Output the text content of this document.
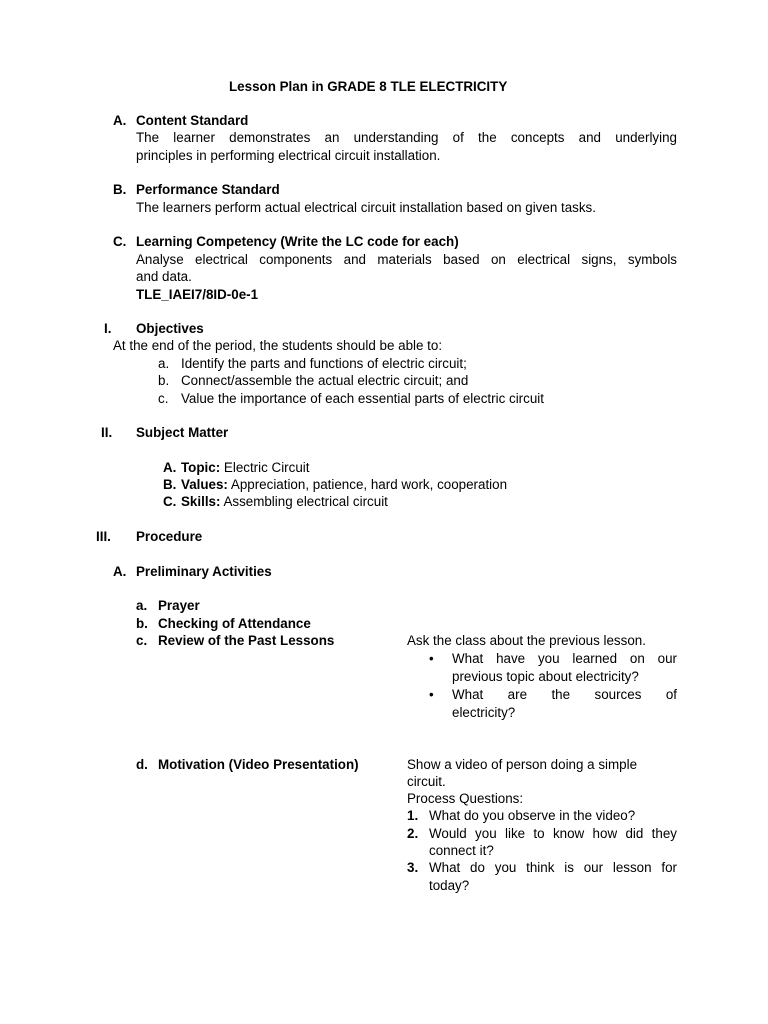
Lesson Plan in GRADE 8 TLE ELECTRICITY
A. Content Standard
The learner demonstrates an understanding of the concepts and underlying
principles in performing electrical circuit installation.
B. Performance Standard
The learners perform actual electrical circuit installation based on given tasks.
C. Learning Competency (Write the LC code for each)
Analyse electrical components and materials based on electrical signs, symbols
and data.
TLE_IAEI7/8ID-0e-1
I. Objectives
At the end of the period, the students should be able to:
a. Identify the parts and functions of electric circuit;
b. Connect/assemble the actual electric circuit; and
c. Value the importance of each essential parts of electric circuit
II. Subject Matter
A. Topic: Electric Circuit
B. Values: Appreciation, patience, hard work, cooperation
C. Skills: Assembling electrical circuit
III. Procedure
A. Preliminary Activities
a. Prayer
b. Checking of Attendance
c. Review of the Past Lessons
d. Motivation (Video Presentation)
Ask the class about the previous lesson.
• What have you learned on our
previous topic about electricity?
• What are the sources of
electricity?
Show a video of person doing a simple
circuit.
Process Questions:
1. What do you observe in the video?
2. Would you like to know how did they
connect it?
3. What do you think is our lesson for
today?
